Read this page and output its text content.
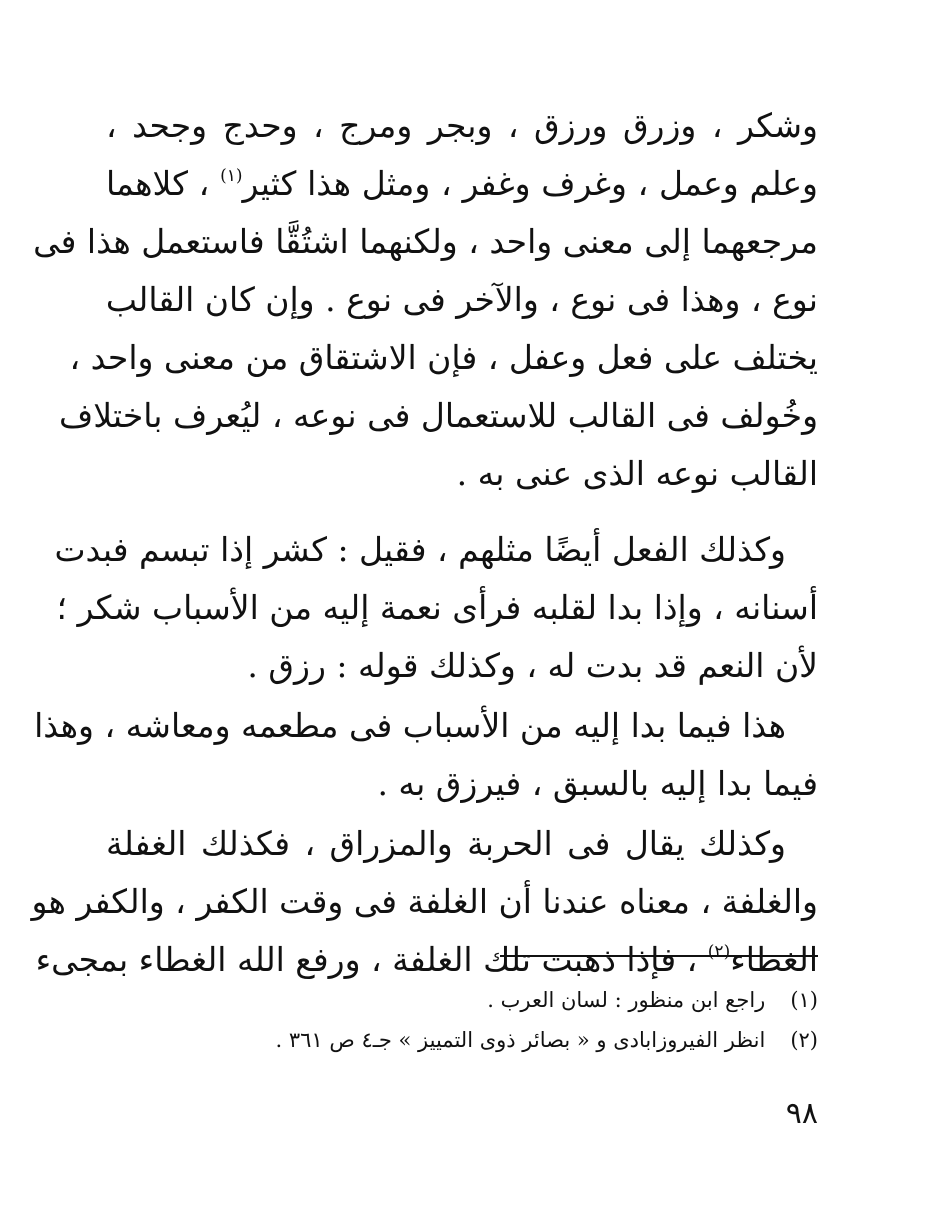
وشكر ، وزرق ورزق ، وبجر ومرج ، وحدج وجحد ،
وعلم وعمل ، وغرف وغفر ، ومثل هذا كثير$^{(١)}$ ، كلاهما
مرجعهما إلى معنى واحد ، ولكنهما اشتُقَّا فاستعمل هذا فى
نوع ، وهذا فى نوع ، والآخر فى نوع . وإن كان القالب
يختلف على فعل وعفل ، فإن الاشتقاق من معنى واحد ،
وخُولف فى القالب للاستعمال فى نوعه ، ليُعرف باختلاف
القالب نوعه الذى عنى به .
وكذلك الفعل أيضًا مثلهم ، فقيل : كشر إذا تبسم فبدت
أسنانه ، وإذا بدا لقلبه فرأى نعمة إليه من الأسباب شكر ؛
لأن النعم قد بدت له ، وكذلك قوله : رزق .
هذا فيما بدا إليه من الأسباب فى مطعمه ومعاشه ، وهذا
فيما بدا إليه بالسبق ، فيرزق به .
وكذلك يقال فى الحربة والمزراق ، فكذلك الغفلة
والغلفة ، معناه عندنا أن الغلفة فى وقت الكفر ، والكفر هو
الغطاء$^{(٢)}$ ، فإذا ذهبت تلك الغلفة ، ورفع الله الغطاء بمجىء
(١) راجع ابن منظور : لسان العرب .
(٢) انظر الفيروزابادى و « بصائر ذوى التمييز » جـ٤ ص ٣٦١ .
٩٨
